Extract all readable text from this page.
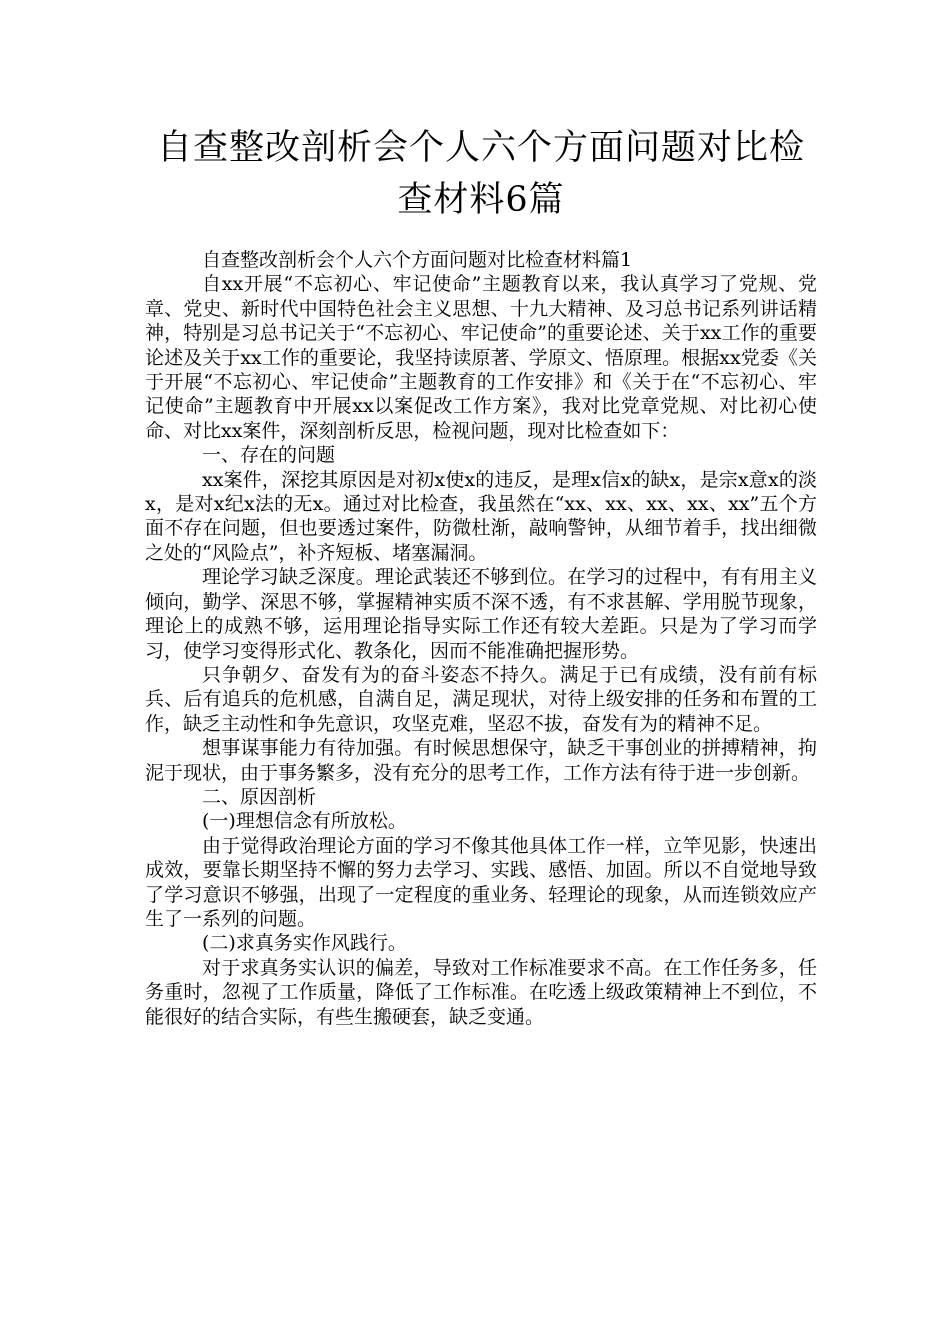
自查整改剖析会个人六个方面问题对比检
查材料6篇

自查整改剖析会个人六个方面问题对比检查材料篇1

自xx开展“不忘初心、牢记使命”主题教育以来，我认真学习了党规、党章、党史、新时代中国特色社会主义思想、十九大精神、及习总书记系列讲话精神，特别是习总书记关于“不忘初心、牢记使命”的重要论述、关于xx工作的重要论述及关于xx工作的重要论，我坚持读原著、学原文、悟原理。根据xx党委《关于开展“不忘初心、牢记使命”主题教育的工作安排》和《关于在“不忘初心、牢记使命”主题教育中开展xx以案促改工作方案》，我对比党章党规、对比初心使命、对比xx案件，深刻剖析反思，检视问题，现对比检查如下：

一、存在的问题

xx案件，深挖其原因是对初x使x的违反，是理x信x的缺x，是宗x意x的淡x，是对x纪x法的无x。通过对比检查，我虽然在“xx、xx、xx、xx、xx”五个方面不存在问题，但也要透过案件，防微杜渐，敲响警钟，从细节着手，找出细微之处的“风险点”，补齐短板、堵塞漏洞。

理论学习缺乏深度。理论武装还不够到位。在学习的过程中，有有用主义倾向，勤学、深思不够，掌握精神实质不深不透，有不求甚解、学用脱节现象，理论上的成熟不够，运用理论指导实际工作还有较大差距。只是为了学习而学习，使学习变得形式化、教条化，因而不能准确把握形势。

只争朝夕、奋发有为的奋斗姿态不持久。满足于已有成绩，没有前有标兵、后有追兵的危机感，自满自足，满足现状，对待上级安排的任务和布置的工作，缺乏主动性和争先意识，攻坚克难，坚忍不拔，奋发有为的精神不足。

想事谋事能力有待加强。有时候思想保守，缺乏干事创业的拼搏精神，拘泥于现状，由于事务繁多，没有充分的思考工作，工作方法有待于进一步创新。

二、原因剖析

(一)理想信念有所放松。

由于觉得政治理论方面的学习不像其他具体工作一样，立竿见影，快速出成效，要靠长期坚持不懈的努力去学习、实践、感悟、加固。所以不自觉地导致了学习意识不够强，出现了一定程度的重业务、轻理论的现象，从而连锁效应产生了一系列的问题。

(二)求真务实作风践行。

对于求真务实认识的偏差，导致对工作标准要求不高。在工作任务多，任务重时，忽视了工作质量，降低了工作标准。在吃透上级政策精神上不到位，不能很好的结合实际，有些生搬硬套，缺乏变通。
